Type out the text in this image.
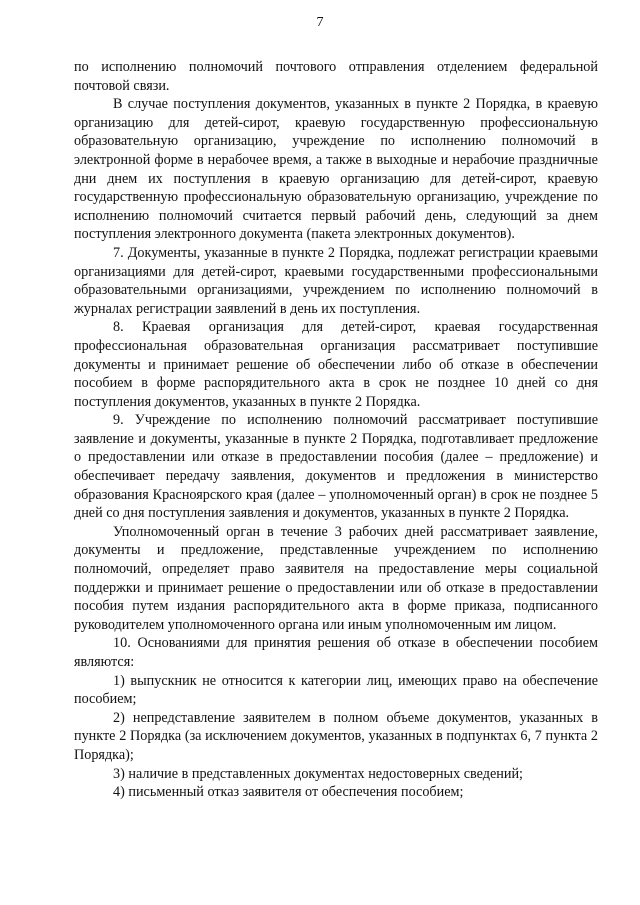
7

по исполнению полномочий почтового отправления отделением федеральной почтовой связи.

В случае поступления документов, указанных в пункте 2 Порядка, в краевую организацию для детей-сирот, краевую государственную профессиональную образовательную организацию, учреждение по исполнению полномочий в электронной форме в нерабочее время, а также в выходные и нерабочие праздничные дни днем их поступления в краевую организацию для детей-сирот, краевую государственную профессиональную образовательную организацию, учреждение по исполнению полномочий считается первый рабочий день, следующий за днем поступления электронного документа (пакета электронных документов).

7. Документы, указанные в пункте 2 Порядка, подлежат регистрации краевыми организациями для детей-сирот, краевыми государственными профессиональными образовательными организациями, учреждением по исполнению полномочий в журналах регистрации заявлений в день их поступления.

8. Краевая организация для детей-сирот, краевая государственная профессиональная образовательная организация рассматривает поступившие документы и принимает решение об обеспечении либо об отказе в обеспечении пособием в форме распорядительного акта в срок не позднее 10 дней со дня поступления документов, указанных в пункте 2 Порядка.

9. Учреждение по исполнению полномочий рассматривает поступившие заявление и документы, указанные в пункте 2 Порядка, подготавливает предложение о предоставлении или отказе в предоставлении пособия (далее – предложение) и обеспечивает передачу заявления, документов и предложения в министерство образования Красноярского края (далее – уполномоченный орган) в срок не позднее 5 дней со дня поступления заявления и документов, указанных в пункте 2 Порядка.

Уполномоченный орган в течение 3 рабочих дней рассматривает заявление, документы и предложение, представленные учреждением по исполнению полномочий, определяет право заявителя на предоставление меры социальной поддержки и принимает решение о предоставлении или об отказе в предоставлении пособия путем издания распорядительного акта в форме приказа, подписанного руководителем уполномоченного органа или иным уполномоченным им лицом.

10. Основаниями для принятия решения об отказе в обеспечении пособием являются:

1) выпускник не относится к категории лиц, имеющих право на обеспечение пособием;

2) непредставление заявителем в полном объеме документов, указанных в пункте 2 Порядка (за исключением документов, указанных в подпунктах 6, 7 пункта 2 Порядка);

3) наличие в представленных документах недостоверных сведений;

4) письменный отказ заявителя от обеспечения пособием;
